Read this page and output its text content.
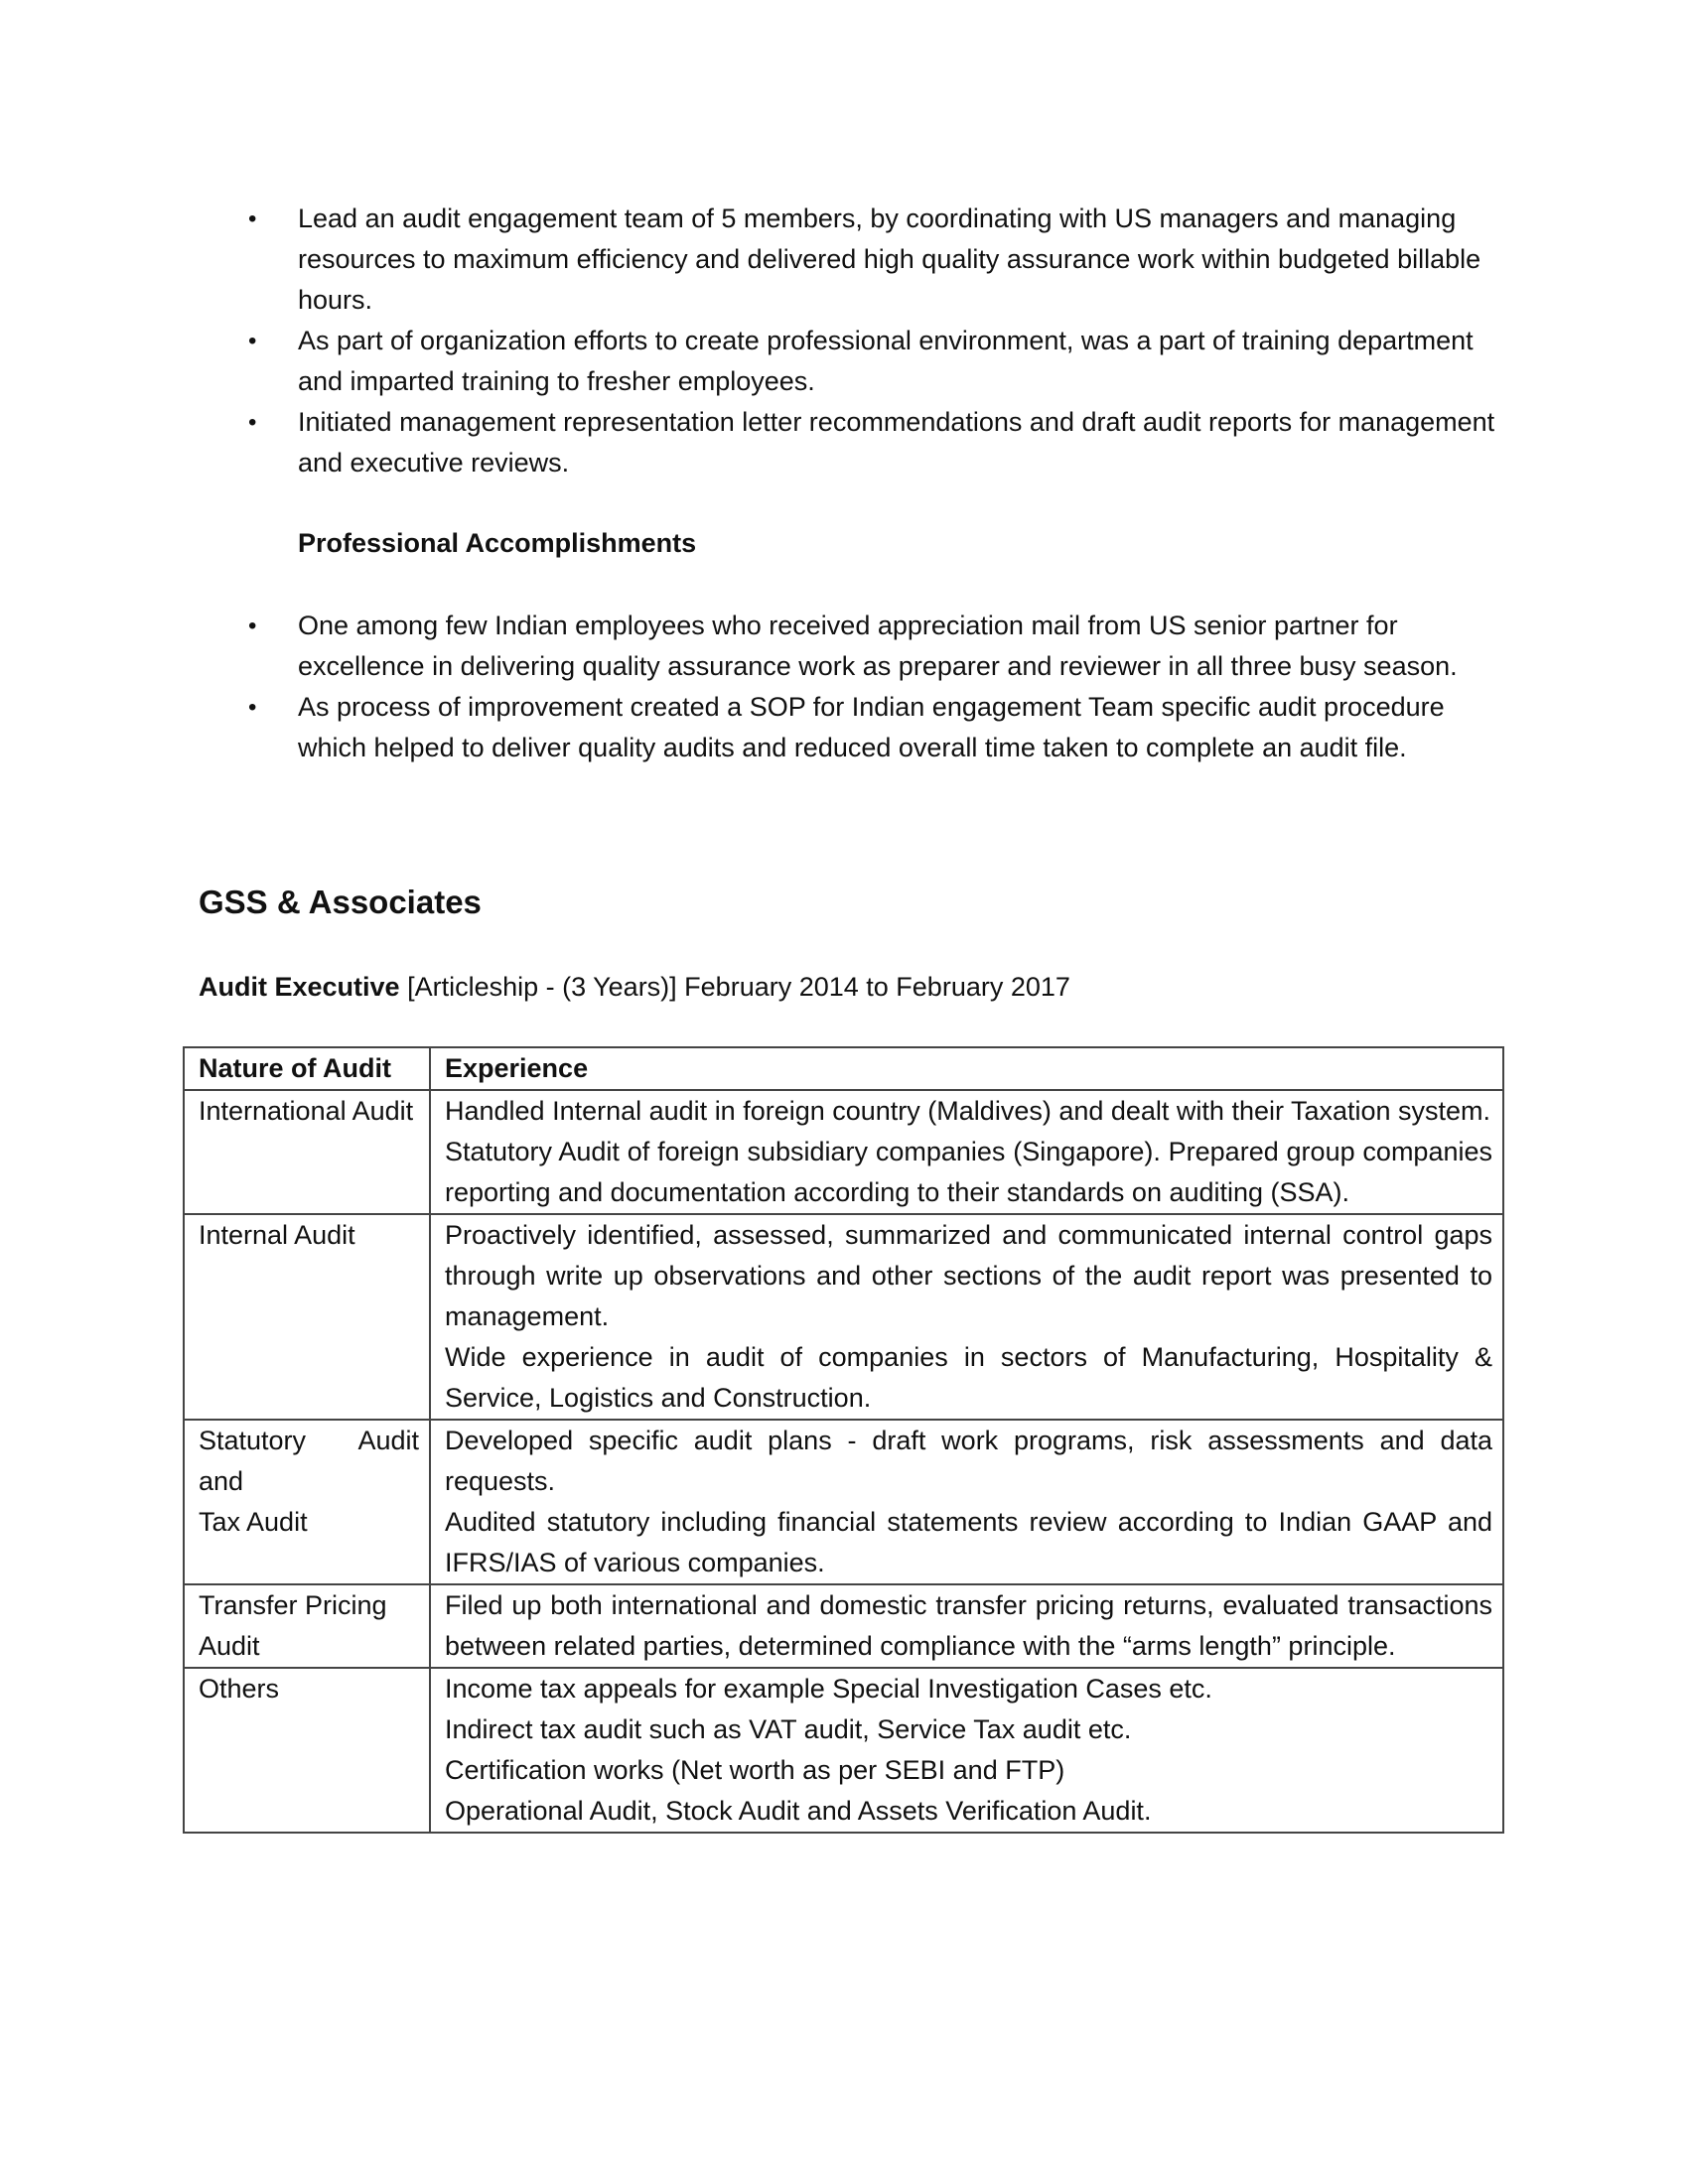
•	Lead an audit engagement team of 5 members, by coordinating with US managers and managing resources to maximum efficiency and delivered high quality assurance work within budgeted billable hours.
•	As part of organization efforts to create professional environment, was a part of training department and imparted training to fresher employees.
•	Initiated management representation letter recommendations and draft audit reports for management and executive reviews.
Professional Accomplishments
•	One among few Indian employees who received appreciation mail from US senior partner for excellence in delivering quality assurance work as preparer and reviewer in all three busy season.
•	As process of improvement created a SOP for Indian engagement Team specific audit procedure which helped to deliver quality audits and reduced overall time taken to complete an audit file.
GSS & Associates
Audit Executive [Articleship - (3 Years)] February 2014 to February 2017
Nature of Audit	Experience
International Audit	Handled Internal audit in foreign country (Maldives) and dealt with their Taxation system.
Statutory Audit of foreign subsidiary companies (Singapore). Prepared group companies reporting and documentation according to their standards on auditing (SSA).

Internal Audit	Proactively identified, assessed, summarized and communicated internal control gaps through write up observations and other sections of the audit report was presented to management.
Wide experience in audit of companies in sectors of Manufacturing, Hospitality & Service, Logistics and Construction.

Statutory Audit and
Tax Audit	Developed specific audit plans - draft work programs, risk assessments and data requests.
Audited statutory including financial statements review according to Indian GAAP and IFRS/IAS of various companies.

Transfer Pricing Audit	Filed up both international and domestic transfer pricing returns, evaluated transactions between related parties, determined compliance with the “arms length” principle.

Others	Income tax appeals for example Special Investigation Cases etc.
Indirect tax audit such as VAT audit, Service Tax audit etc.
Certification works (Net worth as per SEBI and FTP)
Operational Audit, Stock Audit and Assets Verification Audit.
